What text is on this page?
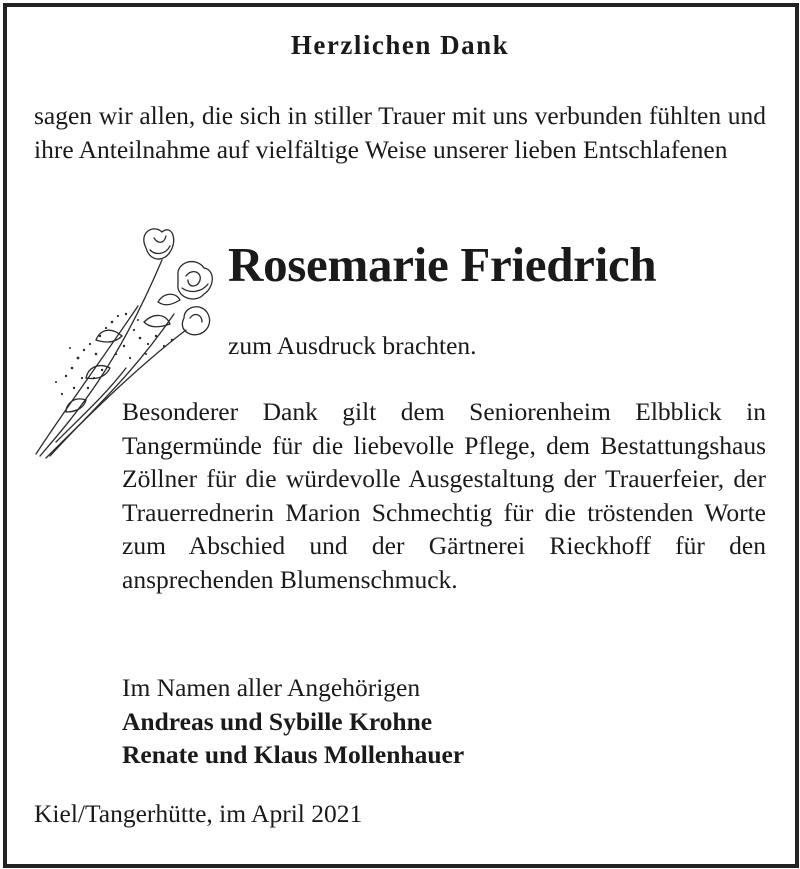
Herzlichen Dank
sagen wir allen, die sich in stiller Trauer mit uns verbunden fühlten und ihre Anteilnahme auf vielfältige Weise unserer lieben Entschlafenen
Rosemarie Friedrich
zum Ausdruck brachten.
Besonderer Dank gilt dem Seniorenheim Elbblick in Tangermünde für die liebevolle Pflege, dem Bestattungshaus Zöllner für die würdevolle Ausgestaltung der Trauerfeier, der Trauerrednerin Marion Schmechtig für die tröstenden Worte zum Abschied und der Gärtnerei Rieckhoff für den ansprechenden Blumenschmuck.
Im Namen aller Angehörigen
Andreas und Sybille Krohne
Renate und Klaus Mollenhauer
Kiel/Tangerhütte, im April 2021
